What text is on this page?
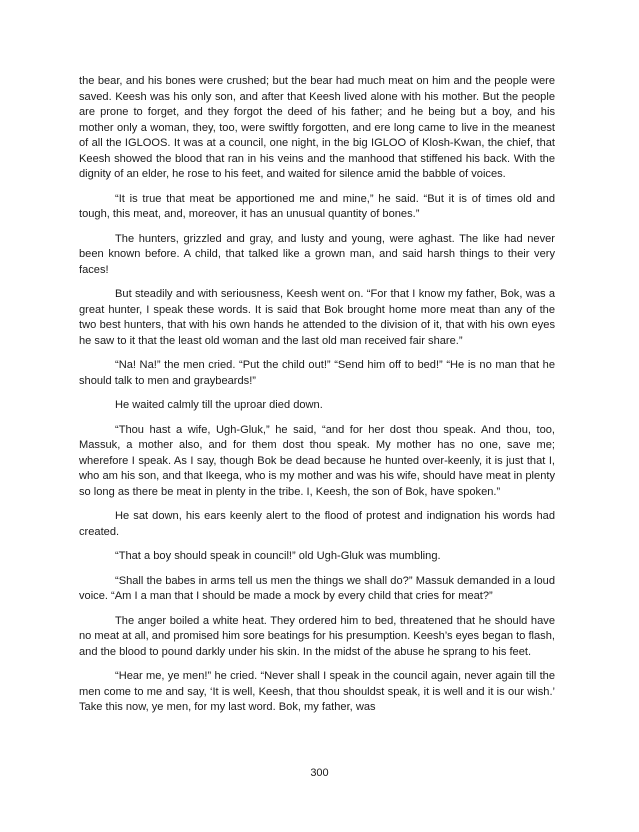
the bear, and his bones were crushed; but the bear had much meat on him and the people were saved. Keesh was his only son, and after that Keesh lived alone with his mother. But the people are prone to forget, and they forgot the deed of his father; and he being but a boy, and his mother only a woman, they, too, were swiftly forgotten, and ere long came to live in the meanest of all the IGLOOS. It was at a council, one night, in the big IGLOO of Klosh-Kwan, the chief, that Keesh showed the blood that ran in his veins and the manhood that stiffened his back. With the dignity of an elder, he rose to his feet, and waited for silence amid the babble of voices.

“It is true that meat be apportioned me and mine,” he said. “But it is of times old and tough, this meat, and, moreover, it has an unusual quantity of bones.”

The hunters, grizzled and gray, and lusty and young, were aghast. The like had never been known before. A child, that talked like a grown man, and said harsh things to their very faces!

But steadily and with seriousness, Keesh went on. “For that I know my father, Bok, was a great hunter, I speak these words. It is said that Bok brought home more meat than any of the two best hunters, that with his own hands he attended to the division of it, that with his own eyes he saw to it that the least old woman and the last old man received fair share.”

“Na! Na!” the men cried. “Put the child out!” “Send him off to bed!” “He is no man that he should talk to men and graybeards!”

He waited calmly till the uproar died down.

“Thou hast a wife, Ugh-Gluk,” he said, “and for her dost thou speak. And thou, too, Massuk, a mother also, and for them dost thou speak. My mother has no one, save me; wherefore I speak. As I say, though Bok be dead because he hunted over-keenly, it is just that I, who am his son, and that Ikeega, who is my mother and was his wife, should have meat in plenty so long as there be meat in plenty in the tribe. I, Keesh, the son of Bok, have spoken.”

He sat down, his ears keenly alert to the flood of protest and indignation his words had created.

“That a boy should speak in council!” old Ugh-Gluk was mumbling.

“Shall the babes in arms tell us men the things we shall do?” Massuk demanded in a loud voice. “Am I a man that I should be made a mock by every child that cries for meat?”

The anger boiled a white heat. They ordered him to bed, threatened that he should have no meat at all, and promised him sore beatings for his presumption. Keesh’s eyes began to flash, and the blood to pound darkly under his skin. In the midst of the abuse he sprang to his feet.

“Hear me, ye men!” he cried. “Never shall I speak in the council again, never again till the men come to me and say, ‘It is well, Keesh, that thou shouldst speak, it is well and it is our wish.’ Take this now, ye men, for my last word. Bok, my father, was

300
